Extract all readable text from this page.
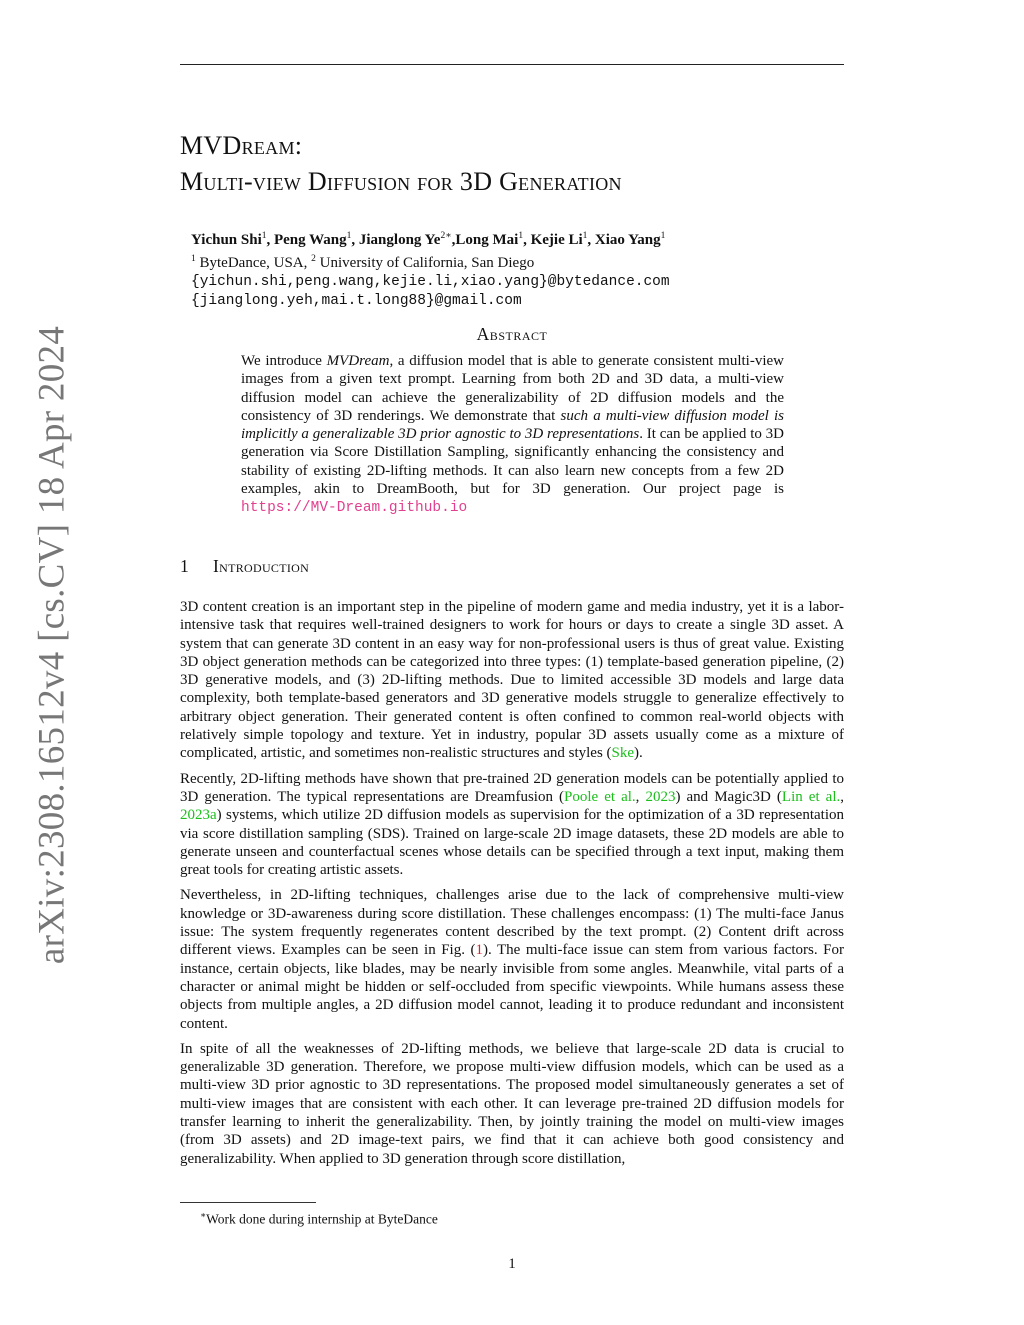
arXiv:2308.16512v4 [cs.CV] 18 Apr 2024
MVDream:
Multi-view Diffusion for 3D Generation
Yichun Shi$^1$, Peng Wang$^1$, Jianglong $Ye^{2∗},Long$ Mai$^1$, Kejie Li$^1$, Xiao Yang$^1$
$^1$ ByteDance, USA, $^2$ University of California, San Diego
{yichun.shi,peng.wang,kejie.li,xiao.yang}@bytedance.com
{jianglong.yeh,mai.t.long88}@gmail.com
Abstract
We introduce MVDream, a diffusion model that is able to generate consistent multi-view images from a given text prompt. Learning from both 2D and 3D data, a multi-view diffusion model can achieve the generalizability of 2D diffusion models and the consistency of 3D renderings. We demonstrate that such a multi-view diffusion model is implicitly a generalizable 3D prior agnostic to 3D representations. It can be applied to 3D generation via Score Distillation Sampling, significantly enhancing the consistency and stability of existing 2D-lifting methods. It can also learn new concepts from a few 2D examples, akin to DreamBooth, but for 3D generation. Our project page is https://MV-Dream.github.io
1 Introduction

3D content creation is an important step in the pipeline of modern game and media industry, yet it is a labor-intensive task that requires well-trained designers to work for hours or days to create a single 3D asset. A system that can generate 3D content in an easy way for non-professional users is thus of great value. Existing 3D object generation methods can be categorized into three types: (1) template-based generation pipeline, (2) 3D generative models, and (3) 2D-lifting methods. Due to limited accessible 3D models and large data complexity, both template-based generators and 3D generative models struggle to generalize effectively to arbitrary object generation. Their generated content is often confined to common real-world objects with relatively simple topology and texture. Yet in industry, popular 3D assets usually come as a mixture of complicated, artistic, and sometimes non-realistic structures and styles (Ske).

Recently, 2D-lifting methods have shown that pre-trained 2D generation models can be potentially applied to 3D generation. The typical representations are Dreamfusion (Poole et al., 2023) and Magic3D (Lin et al., 2023a) systems, which utilize 2D diffusion models as supervision for the optimization of a 3D representation via score distillation sampling (SDS). Trained on large-scale 2D image datasets, these 2D models are able to generate unseen and counterfactual scenes whose details can be specified through a text input, making them great tools for creating artistic assets.

Nevertheless, in 2D-lifting techniques, challenges arise due to the lack of comprehensive multi-view knowledge or 3D-awareness during score distillation. These challenges encompass: (1) The multi-face Janus issue: The system frequently regenerates content described by the text prompt. (2) Content drift across different views. Examples can be seen in Fig. (1). The multi-face issue can stem from various factors. For instance, certain objects, like blades, may be nearly invisible from some angles. Meanwhile, vital parts of a character or animal might be hidden or self-occluded from specific viewpoints. While humans assess these objects from multiple angles, a 2D diffusion model cannot, leading it to produce redundant and inconsistent content.

In spite of all the weaknesses of 2D-lifting methods, we believe that large-scale 2D data is crucial to generalizable 3D generation. Therefore, we propose multi-view diffusion models, which can be used as a multi-view 3D prior agnostic to 3D representations. The proposed model simultaneously generates a set of multi-view images that are consistent with each other. It can leverage pre-trained 2D diffusion models for transfer learning to inherit the generalizability. Then, by jointly training the model on multi-view images (from 3D assets) and 2D image-text pairs, we find that it can achieve both good consistency and generalizability. When applied to 3D generation through score distillation,

∗Work done during internship at ByteDance
1
